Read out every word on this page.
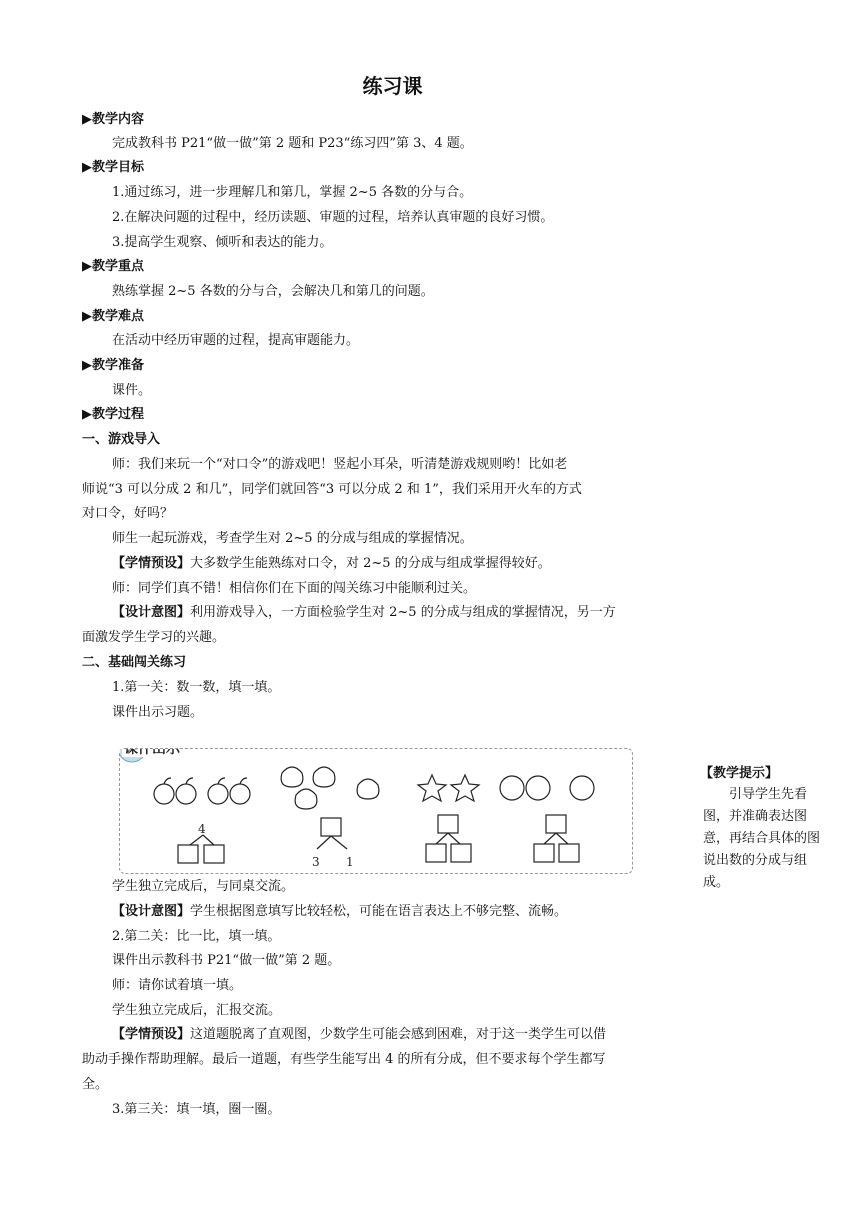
练习课
▶教学内容
完成教科书 P21“做一做”第 2 题和 P23“练习四”第 3、4 题。
▶教学目标
1.通过练习，进一步理解几和第几，掌握 2~5 各数的分与合。
2.在解决问题的过程中，经历读题、审题的过程，培养认真审题的良好习惯。
3.提高学生观察、倾听和表达的能力。
▶教学重点
熟练掌握 2~5 各数的分与合，会解决几和第几的问题。
▶教学难点
在活动中经历审题的过程，提高审题能力。
▶教学准备
课件。
▶教学过程
一、游戏导入
师：我们来玩一个“对口令”的游戏吧！竖起小耳朵，听清楚游戏规则哟！比如老
师说“3 可以分成 2 和几”，同学们就回答“3 可以分成 2 和 1”，我们采用开火车的方式
对口令，好吗？
师生一起玩游戏，考查学生对 2~5 的分成与组成的掌握情况。
【学情预设】大多数学生能熟练对口令，对 2~5 的分成与组成掌握得较好。
师：同学们真不错！相信你们在下面的闯关练习中能顺利过关。
【设计意图】利用游戏导入，一方面检验学生对 2~5 的分成与组成的掌握情况，另一方
面激发学生学习的兴趣。
二、基础闯关练习
1.第一关：数一数，填一填。
课件出示习题。
课件出示
4
3 1
【教学提示】
引导学生先看图，并准确表达图意，再结合具体的图说出数的分成与组成。
学生独立完成后，与同桌交流。
【设计意图】学生根据图意填写比较轻松，可能在语言表达上不够完整、流畅。
2.第二关：比一比，填一填。
课件出示教科书 P21“做一做”第 2 题。
师：请你试着填一填。
学生独立完成后，汇报交流。
【学情预设】这道题脱离了直观图，少数学生可能会感到困难，对于这一类学生可以借
助动手操作帮助理解。最后一道题，有些学生能写出 4 的所有分成，但不要求每个学生都写
全。
3.第三关：填一填，圈一圈。
